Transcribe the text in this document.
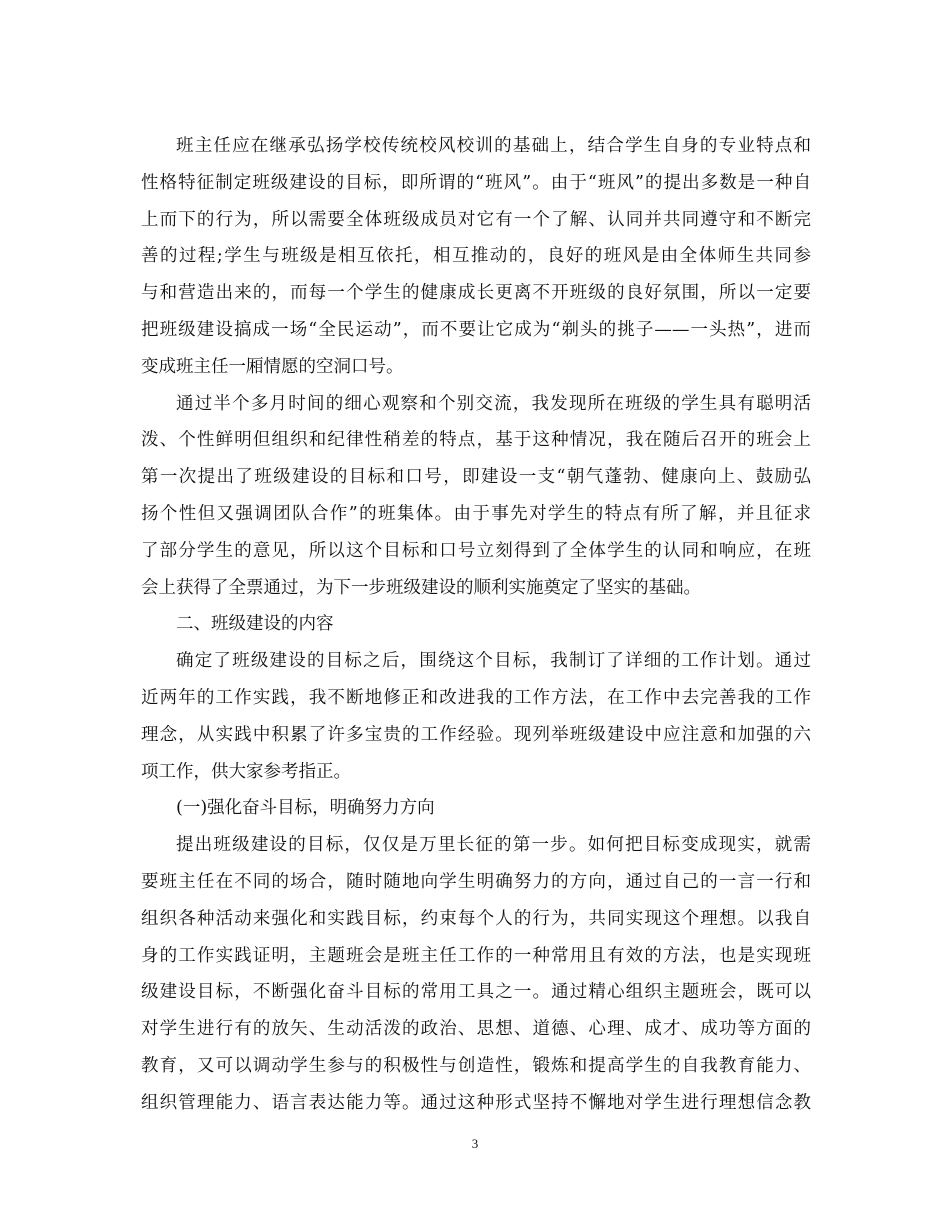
班主任应在继承弘扬学校传统校风校训的基础上，结合学生自身的专业特点和
性格特征制定班级建设的目标，即所谓的“班风”。由于“班风”的提出多数是一种自
上而下的行为，所以需要全体班级成员对它有一个了解、认同并共同遵守和不断完
善的过程;学生与班级是相互依托，相互推动的，良好的班风是由全体师生共同参
与和营造出来的，而每一个学生的健康成长更离不开班级的良好氛围，所以一定要
把班级建设搞成一场“全民运动”，而不要让它成为“剃头的挑子——一头热”，进而
变成班主任一厢情愿的空洞口号。
通过半个多月时间的细心观察和个别交流，我发现所在班级的学生具有聪明活
泼、个性鲜明但组织和纪律性稍差的特点，基于这种情况，我在随后召开的班会上
第一次提出了班级建设的目标和口号，即建设一支“朝气蓬勃、健康向上、鼓励弘
扬个性但又强调团队合作”的班集体。由于事先对学生的特点有所了解，并且征求
了部分学生的意见，所以这个目标和口号立刻得到了全体学生的认同和响应，在班
会上获得了全票通过，为下一步班级建设的顺利实施奠定了坚实的基础。
二、班级建设的内容
确定了班级建设的目标之后，围绕这个目标，我制订了详细的工作计划。通过
近两年的工作实践，我不断地修正和改进我的工作方法，在工作中去完善我的工作
理念，从实践中积累了许多宝贵的工作经验。现列举班级建设中应注意和加强的六
项工作，供大家参考指正。
(一)强化奋斗目标，明确努力方向
提出班级建设的目标，仅仅是万里长征的第一步。如何把目标变成现实，就需
要班主任在不同的场合，随时随地向学生明确努力的方向，通过自己的一言一行和
组织各种活动来强化和实践目标，约束每个人的行为，共同实现这个理想。以我自
身的工作实践证明，主题班会是班主任工作的一种常用且有效的方法，也是实现班
级建设目标，不断强化奋斗目标的常用工具之一。通过精心组织主题班会，既可以
对学生进行有的放矢、生动活泼的政治、思想、道德、心理、成才、成功等方面的
教育，又可以调动学生参与的积极性与创造性，锻炼和提高学生的自我教育能力、
组织管理能力、语言表达能力等。通过这种形式坚持不懈地对学生进行理想信念教
3
